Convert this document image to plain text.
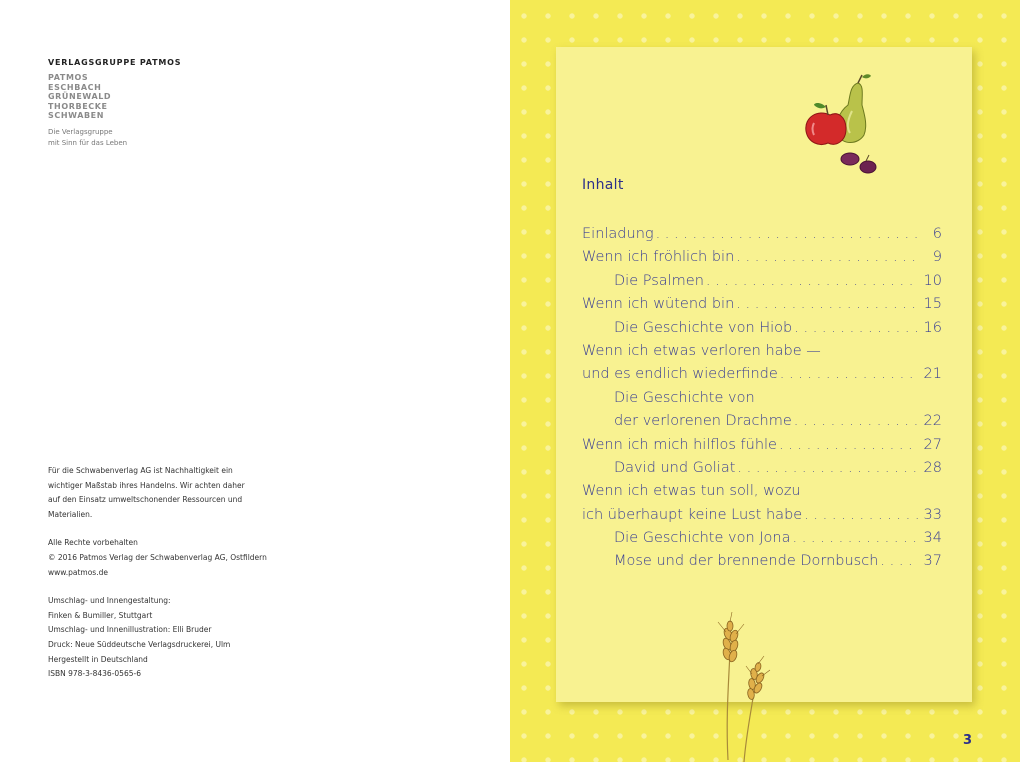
VERLAGSGRUPPE PATMOS
PATMOS
ESCHBACH
GRÜNEWALD
THORBECKE
SCHWABEN
Die Verlagsgruppe
mit Sinn für das Leben
Für die Schwabenverlag AG ist Nachhaltigkeit ein
wichtiger Maßstab ihres Handelns. Wir achten daher
auf den Einsatz umweltschonender Ressourcen und
Materialien.
Alle Rechte vorbehalten
© 2016 Patmos Verlag der Schwabenverlag AG, Ostfildern
www.patmos.de
Umschlag- und Innengestaltung:
Finken & Bumiller, Stuttgart
Umschlag- und Innenillustration: Elli Bruder
Druck: Neue Süddeutsche Verlagsdruckerei, Ulm
Hergestellt in Deutschland
ISBN 978-3-8436-0565-6
Inhalt
Einladung . . .	6
Wenn ich fröhlich bin . . .	9
Die Psalmen . . .	10
Wenn ich wütend bin . . .	15
Die Geschichte von Hiob . . .	16
Wenn ich etwas verloren habe —
und es endlich wiederfinde . . .	21
Die Geschichte von
der verlorenen Drachme . . .	22
Wenn ich mich hilflos fühle . . .	27
David und Goliat . . .	28
Wenn ich etwas tun soll, wozu
ich überhaupt keine Lust habe . . .	33
Die Geschichte von Jona . . .	34
Mose und der brennende Dornbusch . . .	37
3
